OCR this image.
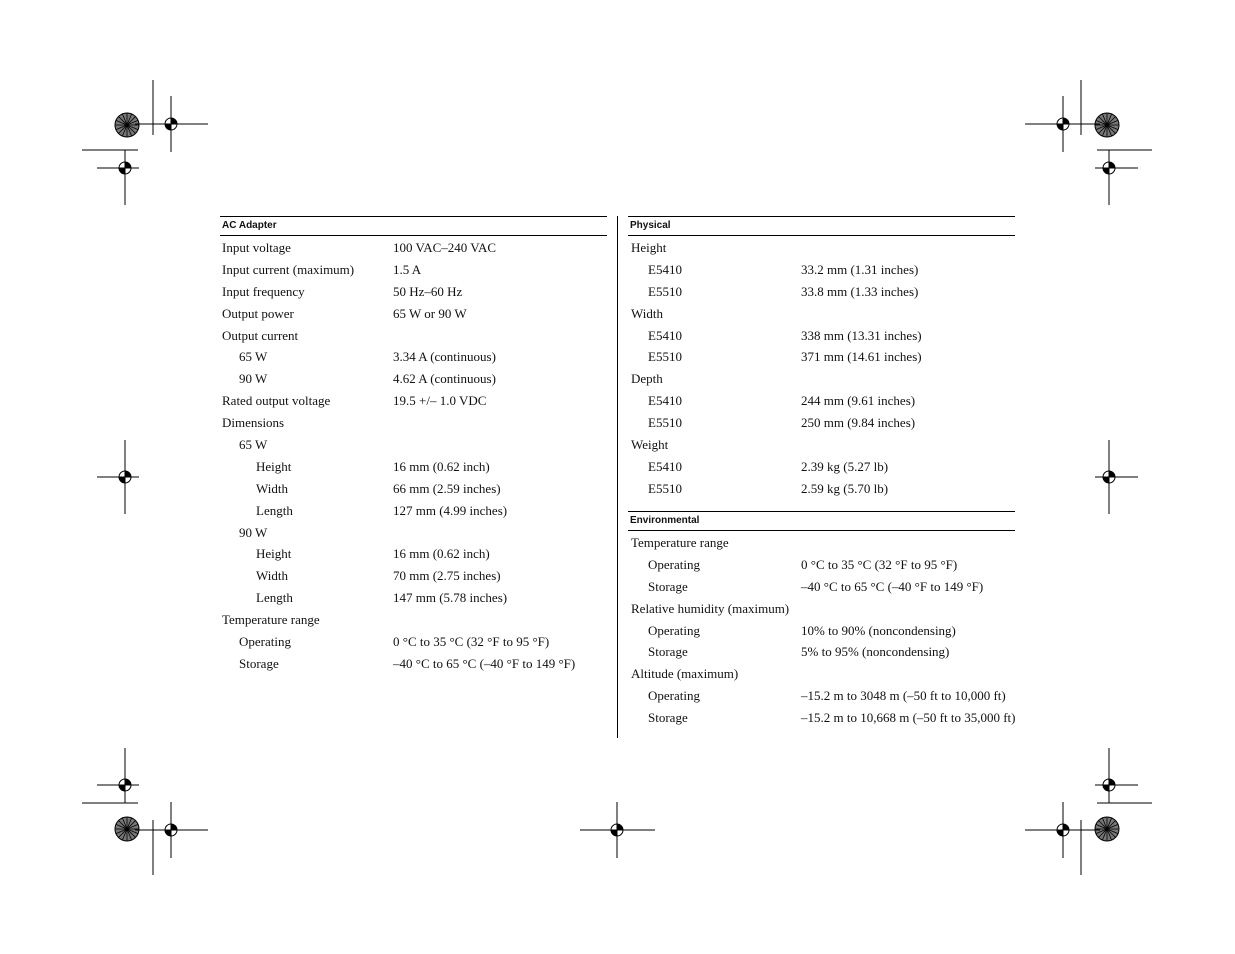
AC Adapter
Input voltage	100 VAC–240 VAC
Input current (maximum)	1.5 A
Input frequency	50 Hz–60 Hz
Output power	65 W or 90 W
Output current
65 W	3.34 A (continuous)
90 W	4.62 A (continuous)
Rated output voltage	19.5 +/– 1.0 VDC
Dimensions
65 W
Height	16 mm (0.62 inch)
Width	66 mm (2.59 inches)
Length	127 mm (4.99 inches)
90 W
Height	16 mm (0.62 inch)
Width	70 mm (2.75 inches)
Length	147 mm (5.78 inches)
Temperature range
Operating	0 °C to 35 °C (32 °F to 95 °F)
Storage	–40 °C to 65 °C (–40 °F to 149 °F)
Physical
Height
E5410	33.2 mm (1.31 inches)
E5510	33.8 mm (1.33 inches)
Width
E5410	338 mm (13.31 inches)
E5510	371 mm (14.61 inches)
Depth
E5410	244 mm (9.61 inches)
E5510	250 mm (9.84 inches)
Weight
E5410	2.39 kg (5.27 lb)
E5510	2.59 kg (5.70 lb)
Environmental
Temperature range
Operating	0 °C to 35 °C (32 °F to 95 °F)
Storage	–40 °C to 65 °C (–40 °F to 149 °F)
Relative humidity (maximum)
Operating	10% to 90% (noncondensing)
Storage	5% to 95% (noncondensing)
Altitude (maximum)
Operating	–15.2 m to 3048 m (–50 ft to 10,000 ft)
Storage	–15.2 m to 10,668 m (–50 ft to 35,000 ft)
